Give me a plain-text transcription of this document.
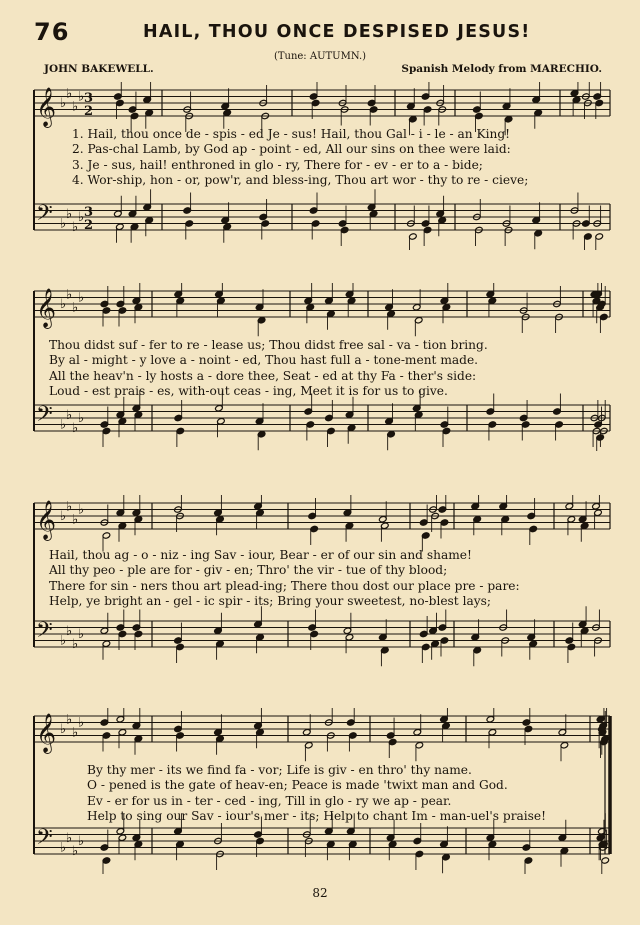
76	HAIL, THOU ONCE DESPISED JESUS!
(Tune: AUTUMN.)
JOHN BAKEWELL.	Spanish Melody from MARECHIO.
𝄞 ♭
♭
♭
♭ 3
2
𝄢 ♭
♭
♭
♭ 3
2
𝄞 ♭
♭
♭
♭
𝄢 ♭
♭
♭
♭
𝄞 ♭
♭
♭
♭
𝄢 ♭
♭
♭
♭
𝄞 ♭
♭
♭
♭
𝄢 ♭
♭
♭
♭
1. Hail, thou once de - spis - ed Je - sus! Hail, thou Gal - i - le - an King!
2. Pas-chal Lamb, by God ap - point - ed, All our sins on thee were laid:
3. Je - sus, hail! enthroned in glo - ry, There for - ev - er to a - bide;
4. Wor-ship, hon - or, pow'r, and bless-ing, Thou art wor - thy to re - cieve;
Thou didst suf - fer to re - lease us; Thou didst free sal - va - tion bring.
By al - might - y love a - noint - ed, Thou hast full a - tone-ment made.
All the heav'n - ly hosts a - dore thee, Seat - ed at thy Fa - ther's side:
Loud - est prais - es, with-out ceas - ing, Meet it is for us to give.
Hail, thou ag - o - niz - ing Sav - iour, Bear - er of our sin and shame!
All thy peo - ple are for - giv - en; Thro' the vir - tue of thy blood;
There for sin - ners thou art plead-ing; There thou dost our place pre - pare:
Help, ye bright an - gel - ic spir - its; Bring your sweetest, no-blest lays;
By thy mer - its we find fa - vor; Life is giv - en thro' thy name.
O - pened is the gate of heav-en; Peace is made 'twixt man and God.
Ev - er for us in - ter - ced - ing, Till in glo - ry we ap - pear.
Help to sing our Sav - iour's mer - its; Help to chant Im - man-uel's praise!
82
